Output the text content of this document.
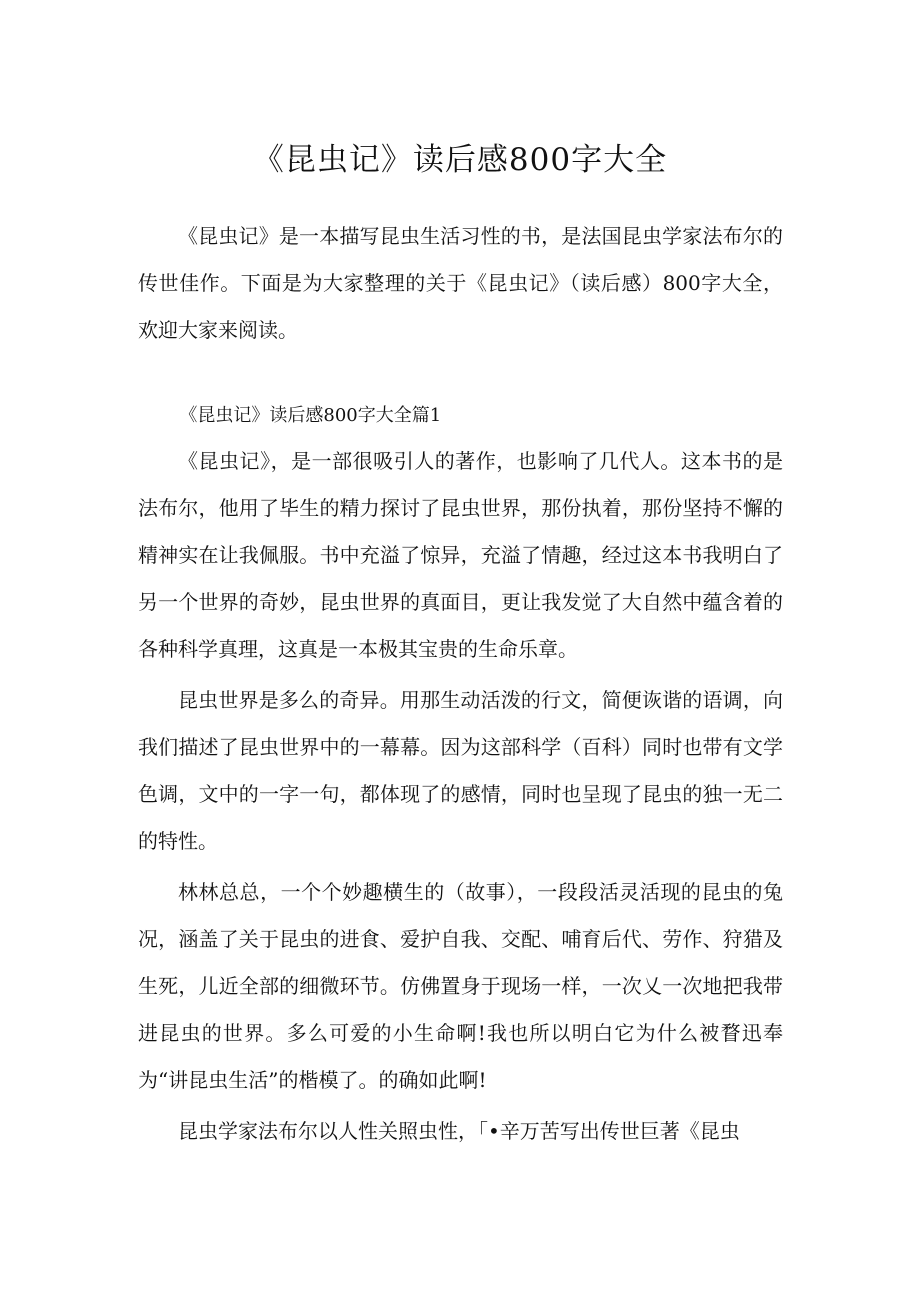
《昆虫记》读后感800字大全

《昆虫记》是一本描写昆虫生活习性的书，是法国昆虫学家法布尔的传世佳作。下面是为大家整理的关于《昆虫记》（读后感）800字大全，欢迎大家来阅读。

《昆虫记》读后感800字大全篇1

《昆虫记》，是一部很吸引人的著作，也影响了几代人。这本书的是法布尔，他用了毕生的精力探讨了昆虫世界，那份执着，那份坚持不懈的精神实在让我佩服。书中充溢了惊异，充溢了情趣，经过这本书我明白了另一个世界的奇妙，昆虫世界的真面目，更让我发觉了大自然中蕴含着的各种科学真理，这真是一本极其宝贵的生命乐章。

昆虫世界是多么的奇异。用那生动活泼的行文，简便诙谐的语调，向我们描述了昆虫世界中的一幕幕。因为这部科学（百科）同时也带有文学色调，文中的一字一句，都体现了的感情，同时也呈现了昆虫的独一无二的特性。

林林总总，一个个妙趣横生的（故事），一段段活灵活现的昆虫的兔况，涵盖了关于昆虫的进食、爱护自我、交配、哺育后代、劳作、狩猎及生死，儿近全部的细微环节。仿佛置身于现场一样，一次乂一次地把我带进昆虫的世界。多么可爱的小生命啊!我也所以明白它为什么被瞀迅奉为“讲昆虫生活”的楷模了。的确如此啊!

昆虫学家法布尔以人性关照虫性，「•辛万苦写出传世巨著《昆虫
